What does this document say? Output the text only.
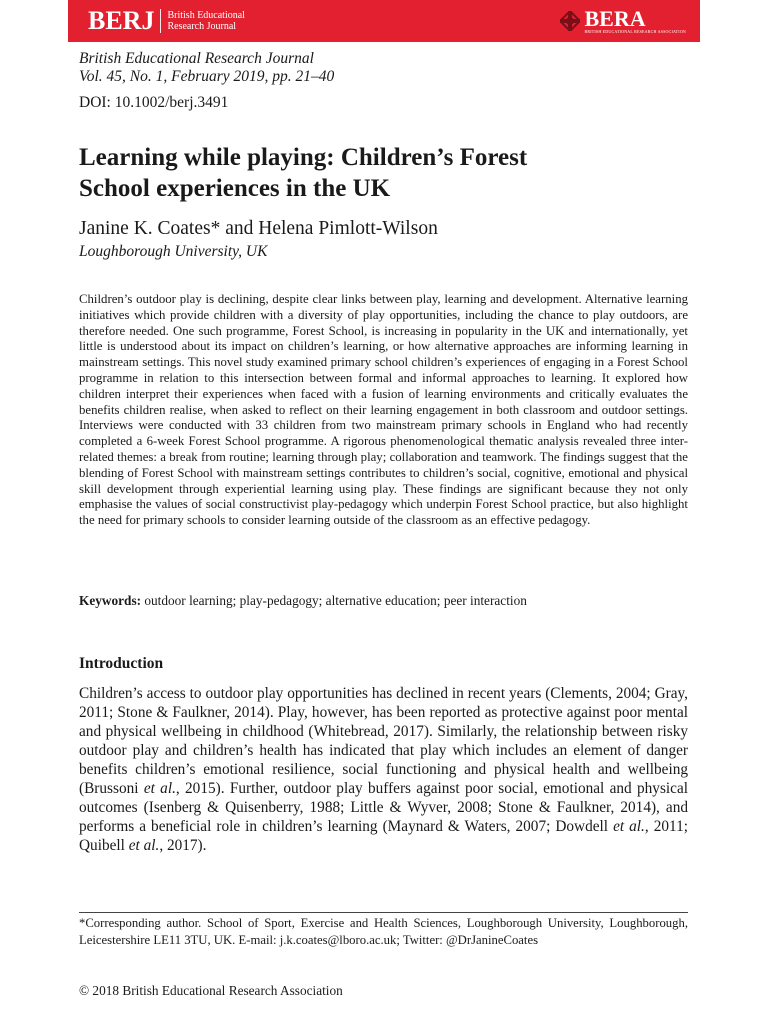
BERJ British Educational
Research Journal	BERA
BRITISH EDUCATIONAL RESEARCH ASSOCIATION
British Educational Research Journal
Vol. 45, No. 1, February 2019, pp. 21–40
DOI: 10.1002/berj.3491
Learning while playing: Children’s Forest
School experiences in the UK
Janine K. Coates* and Helena Pimlott-Wilson
Loughborough University, UK
Children’s outdoor play is declining, despite clear links between play, learning and development. Alternative learning initiatives which provide children with a diversity of play opportunities, including the chance to play outdoors, are therefore needed. One such programme, Forest School, is increasing in popularity in the UK and internationally, yet little is understood about its impact on children’s learning, or how alternative approaches are informing learning in mainstream settings. This novel study examined primary school children’s experiences of engaging in a Forest School programme in relation to this intersection between formal and informal approaches to learning. It explored how children interpret their experiences when faced with a fusion of learning environments and critically evaluates the benefits children realise, when asked to reflect on their learning engagement in both classroom and outdoor settings. Interviews were conducted with 33 children from two mainstream primary schools in England who had recently completed a 6-week Forest School programme. A rigorous phenomenological thematic analysis revealed three inter-related themes: a break from routine; learning through play; collaboration and teamwork. The findings suggest that the blending of Forest School with mainstream settings contributes to children’s social, cognitive, emotional and physical skill development through experiential learning using play. These findings are significant because they not only emphasise the values of social constructivist play-pedagogy which underpin Forest School practice, but also highlight the need for primary schools to consider learning outside of the classroom as an effective pedagogy.
Keywords: outdoor learning; play-pedagogy; alternative education; peer interaction
Introduction
Children’s access to outdoor play opportunities has declined in recent years (Clements, 2004; Gray, 2011; Stone & Faulkner, 2014). Play, however, has been reported as protective against poor mental and physical wellbeing in childhood (Whitebread, 2017). Similarly, the relationship between risky outdoor play and children’s health has indicated that play which includes an element of danger benefits children’s emotional resilience, social functioning and physical health and wellbeing (Brussoni et al., 2015). Further, outdoor play buffers against poor social, emotional and physical outcomes (Isenberg & Quisenberry, 1988; Little & Wyver, 2008; Stone & Faulkner, 2014), and performs a beneficial role in children’s learning (Maynard & Waters, 2007; Dowdell et al., 2011; Quibell et al., 2017).
*Corresponding author. School of Sport, Exercise and Health Sciences, Loughborough University, Loughborough, Leicestershire LE11 3TU, UK. E-mail: j.k.coates@lboro.ac.uk; Twitter: @DrJanineCoates
© 2018 British Educational Research Association
